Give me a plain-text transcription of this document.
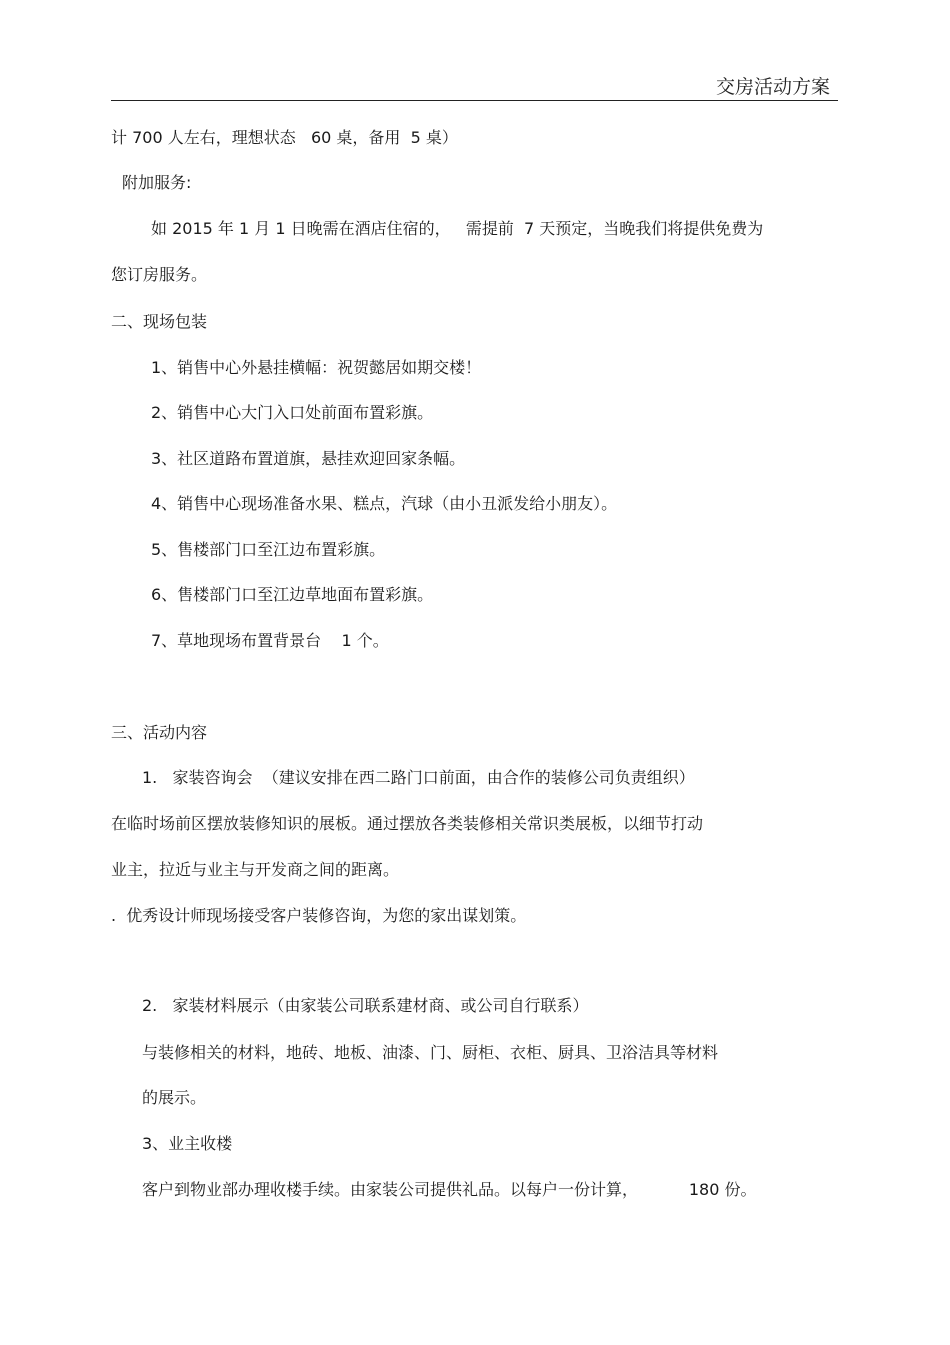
交房活动方案
计 700 人左右，理想状态   60 桌，备用  5 桌）
附加服务:
如 2015 年 1 月 1 日晚需在酒店住宿的，   需提前  7 天预定，当晚我们将提供免费为
您订房服务。
二、现场包装
1、销售中心外悬挂横幅：祝贺懿居如期交楼！
2、销售中心大门入口处前面布置彩旗。
3、社区道路布置道旗，悬挂欢迎回家条幅。
4、销售中心现场准备水果、糕点，汽球（由小丑派发给小朋友）。
5、售楼部门口至江边布置彩旗。
6、售楼部门口至江边草地面布置彩旗。
7、草地现场布置背景台    1 个。
三、活动内容
1.   家装咨询会  （建议安排在西二路门口前面，由合作的装修公司负责组织）
在临时场前区摆放装修知识的展板。通过摆放各类装修相关常识类展板，以细节打动
业主，拉近与业主与开发商之间的距离。
.  优秀设计师现场接受客户装修咨询，为您的家出谋划策。
2.   家装材料展示（由家装公司联系建材商、或公司自行联系）
与装修相关的材料，地砖、地板、油漆、门、厨柜、衣柜、厨具、卫浴洁具等材料
的展示。
3、业主收楼
客户到物业部办理收楼手续。由家装公司提供礼品。以每户一份计算，          180 份。
